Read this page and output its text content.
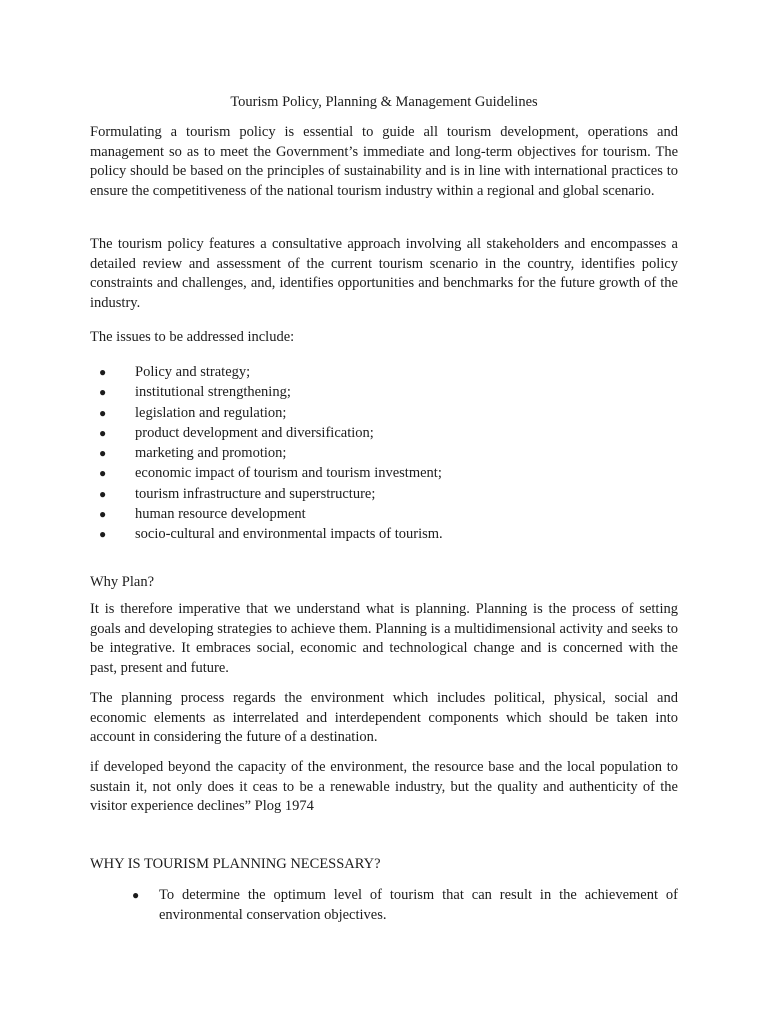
Tourism Policy, Planning & Management Guidelines

Formulating a tourism policy is essential to guide all tourism development, operations and management so as to meet the Government’s immediate and long-term objectives for tourism. The policy should be based on the principles of sustainability and is in line with international practices to ensure the competitiveness of the national tourism industry within a regional and global scenario.

The tourism policy features a consultative approach involving all stakeholders and encompasses a detailed review and assessment of the current tourism scenario in the country, identifies policy constraints and challenges, and, identifies opportunities and benchmarks for the future growth of the industry.

The issues to be addressed include:

● Policy and strategy;
● institutional strengthening;
● legislation and regulation;
● product development and diversification;
● marketing and promotion;
● economic impact of tourism and tourism investment;
● tourism infrastructure and superstructure;
● human resource development
● socio-cultural and environmental impacts of tourism.

Why Plan?

It is therefore imperative that we understand what is planning. Planning is the process of setting goals and developing strategies to achieve them. Planning is a multidimensional activity and seeks to be integrative. It embraces social, economic and technological change and is concerned with the past, present and future.

The planning process regards the environment which includes political, physical, social and economic elements as interrelated and interdependent components which should be taken into account in considering the future of a destination.

if developed beyond the capacity of the environment, the resource base and the local population to sustain it, not only does it ceas to be a renewable industry, but the quality and authenticity of the visitor experience declines” Plog 1974

WHY IS TOURISM PLANNING NECESSARY?

● To determine the optimum level of tourism that can result in the achievement of environmental conservation objectives.
